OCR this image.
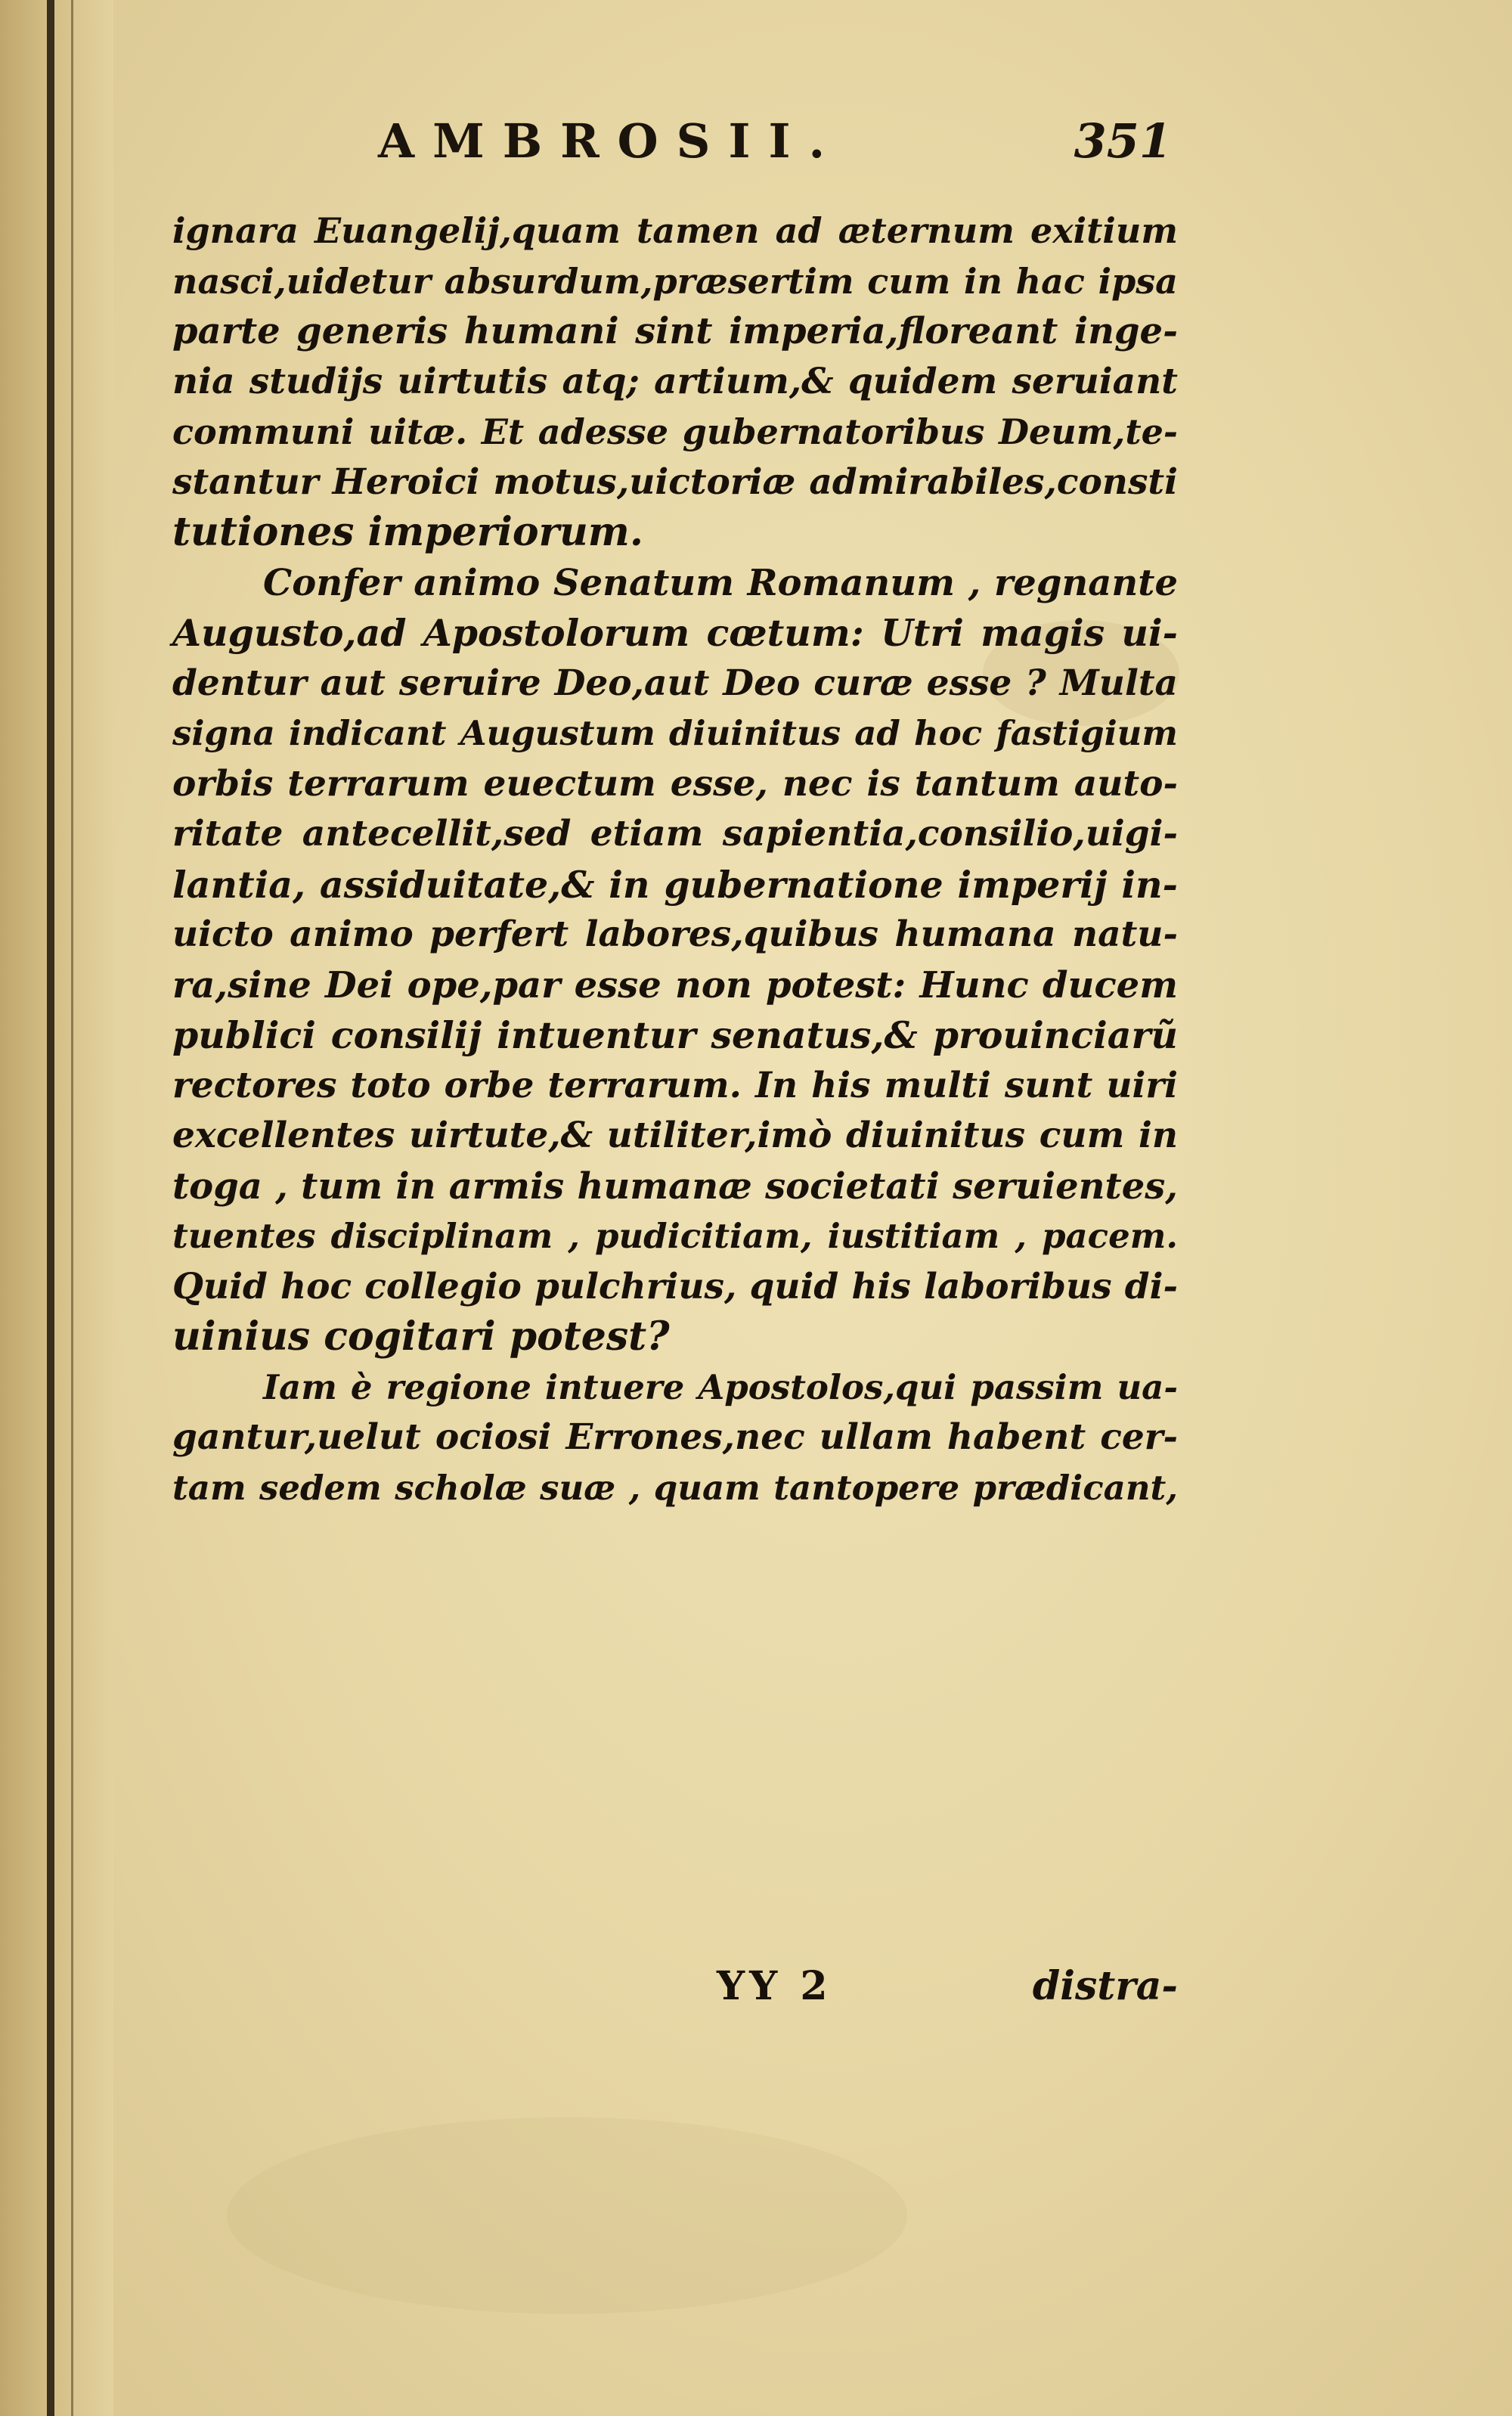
AMBROSII.	351
ignara Euangelij,quam tamen ad æternum exitium
nasci,uidetur absurdum,præsertim cum in hac ipsa
parte generis humani sint imperia,floreant inge-
nia studijs uirtutis atq; artium,& quidem seruiant
communi uitæ. Et adesse gubernatoribus Deum,te-
stantur Heroici motus,uictoriæ admirabiles,consti
tutiones imperiorum.
Confer animo Senatum Romanum , regnante
Augusto,ad Apostolorum cœtum: Utri magis ui-
dentur aut seruire Deo,aut Deo curæ esse ? Multa
signa indicant Augustum diuinitus ad hoc fastigium
orbis terrarum euectum esse, nec is tantum auto-
ritate antecellit,sed etiam sapientia,consilio,uigi-
lantia, assiduitate,& in gubernatione imperij in-
uicto animo perfert labores,quibus humana natu-
ra,sine Dei ope,par esse non potest: Hunc ducem
publici consilij intuentur senatus,& prouinciarũ
rectores toto orbe terrarum. In his multi sunt uiri
excellentes uirtute,& utiliter,imò diuinitus cum in
toga , tum in armis humanæ societati seruientes,
tuentes disciplinam , pudicitiam, iustitiam , pacem.
Quid hoc collegio pulchrius, quid his laboribus di-
uinius cogitari potest?
Iam è regione intuere Apostolos,qui passim ua-
gantur,uelut ociosi Errones,nec ullam habent cer-
tam sedem scholæ suæ , quam tantopere prædicant,
YY 2	distra-
